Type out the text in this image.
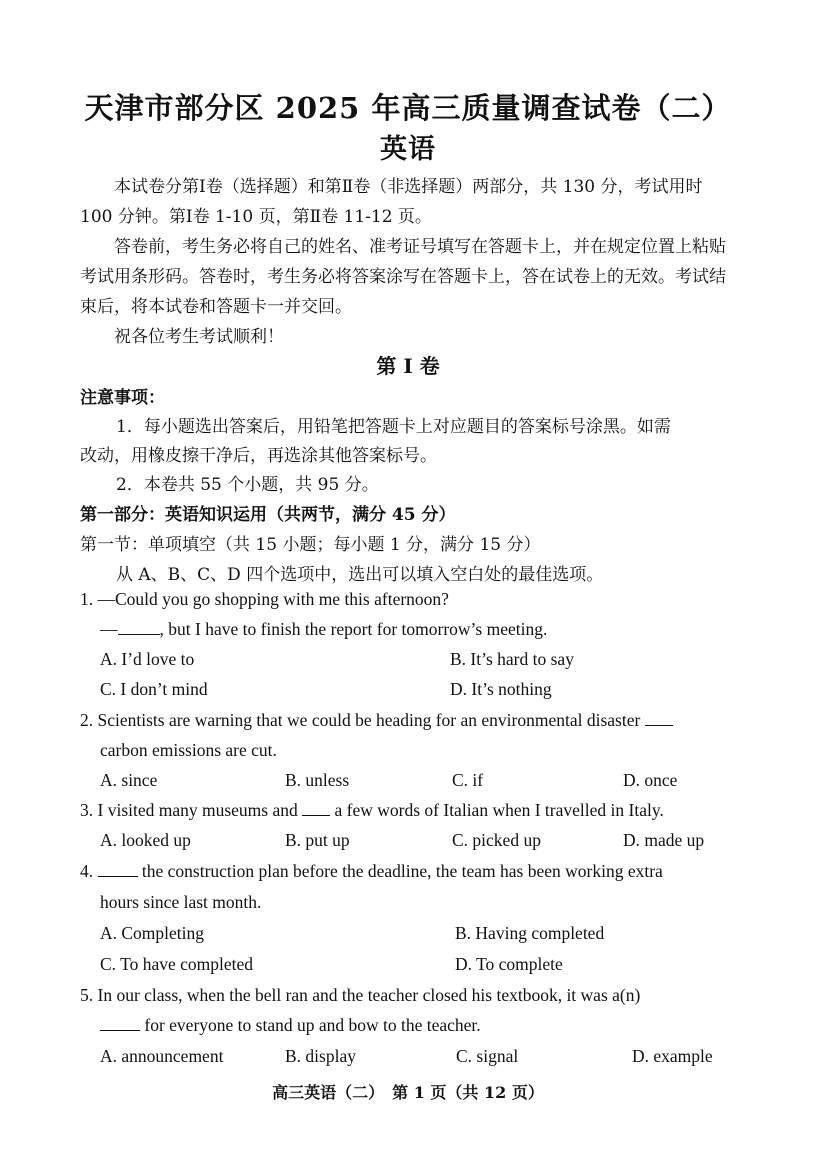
天津市部分区 2025 年高三质量调查试卷（二）
英语

本试卷分第Ⅰ卷（选择题）和第Ⅱ卷（非选择题）两部分，共 130 分，考试用时 100 分钟。第Ⅰ卷 1-10 页，第Ⅱ卷 11-12 页。

答卷前，考生务必将自己的姓名、准考证号填写在答题卡上，并在规定位置上粘贴考试用条形码。答卷时，考生务必将答案涂写在答题卡上，答在试卷上的无效。考试结束后，将本试卷和答题卡一并交回。

祝各位考生考试顺利！

第 Ⅰ 卷
注意事项：
1．每小题选出答案后，用铅笔把答题卡上对应题目的答案标号涂黑。如需
改动，用橡皮擦干净后，再选涂其他答案标号。
2．本卷共 55 个小题，共 95 分。
第一部分：英语知识运用（共两节，满分 45 分）
第一节：单项填空（共 15 小题；每小题 1 分，满分 15 分）
从 A、B、C、D 四个选项中，选出可以填入空白处的最佳选项。
1. —Could you go shopping with me this afternoon?
— , but I have to finish the report for tomorrow’s meeting.
A. I’d love to	B. It’s hard to say
C. I don’t mind	D. It’s nothing
2. Scientists are warning that we could be heading for an environmental disaster
carbon emissions are cut.
A. since	B. unless	C. if	D. once
3. I visited many museums and a few words of Italian when I travelled in Italy.
A. looked up	B. put up	C. picked up	D. made up
4.	the construction plan before the deadline, the team has been working extra
hours since last month.
A. Completing	B. Having completed
C. To have completed	D. To complete
5. In our class, when the bell ran and the teacher closed his textbook, it was a(n)
for everyone to stand up and bow to the teacher.
A. announcement	B. display	C. signal	D. example
高三英语（二）　第 1 页（共 12 页）
